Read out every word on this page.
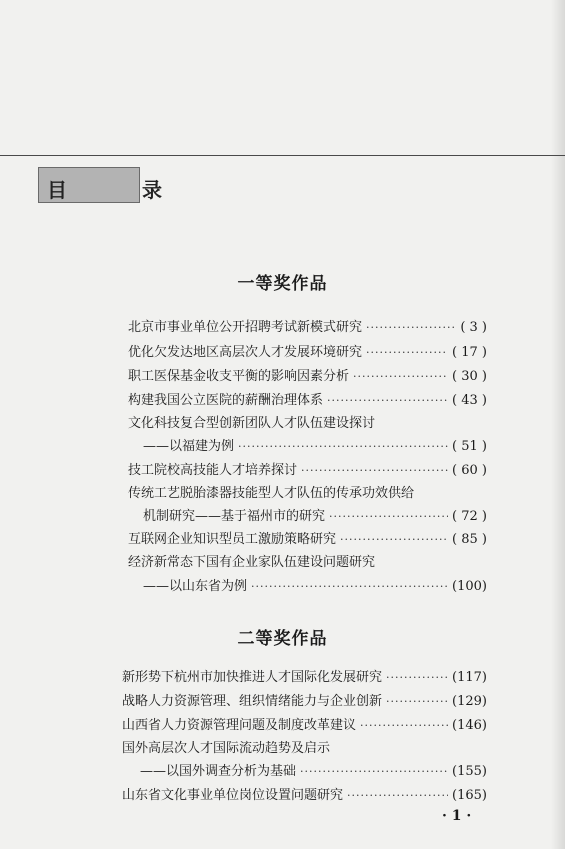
目 录
一等奖作品
北京市事业单位公开招聘考试新模式研究 ·····	( 3 )
优化欠发达地区高层次人才发展环境研究 ·····	( 17 )
职工医保基金收支平衡的影响因素分析 ·····	( 30 )
构建我国公立医院的薪酬治理体系 ·····	( 43 )
文化科技复合型创新团队人才队伍建设探讨
——以福建为例 ·····	( 51 )
技工院校高技能人才培养探讨 ·····	( 60 )
传统工艺脱胎漆器技能型人才队伍的传承功效供给
机制研究——基于福州市的研究 ·····	( 72 )
互联网企业知识型员工激励策略研究 ·····	( 85 )
经济新常态下国有企业家队伍建设问题研究
——以山东省为例 ·····	(100)
二等奖作品
新形势下杭州市加快推进人才国际化发展研究 ·····	(117)
战略人力资源管理、组织情绪能力与企业创新 ·····	(129)
山西省人力资源管理问题及制度改革建议 ·····	(146)
国外高层次人才国际流动趋势及启示
——以国外调查分析为基础 ·····	(155)
山东省文化事业单位岗位设置问题研究 ·····	(165)
· 1 ·
